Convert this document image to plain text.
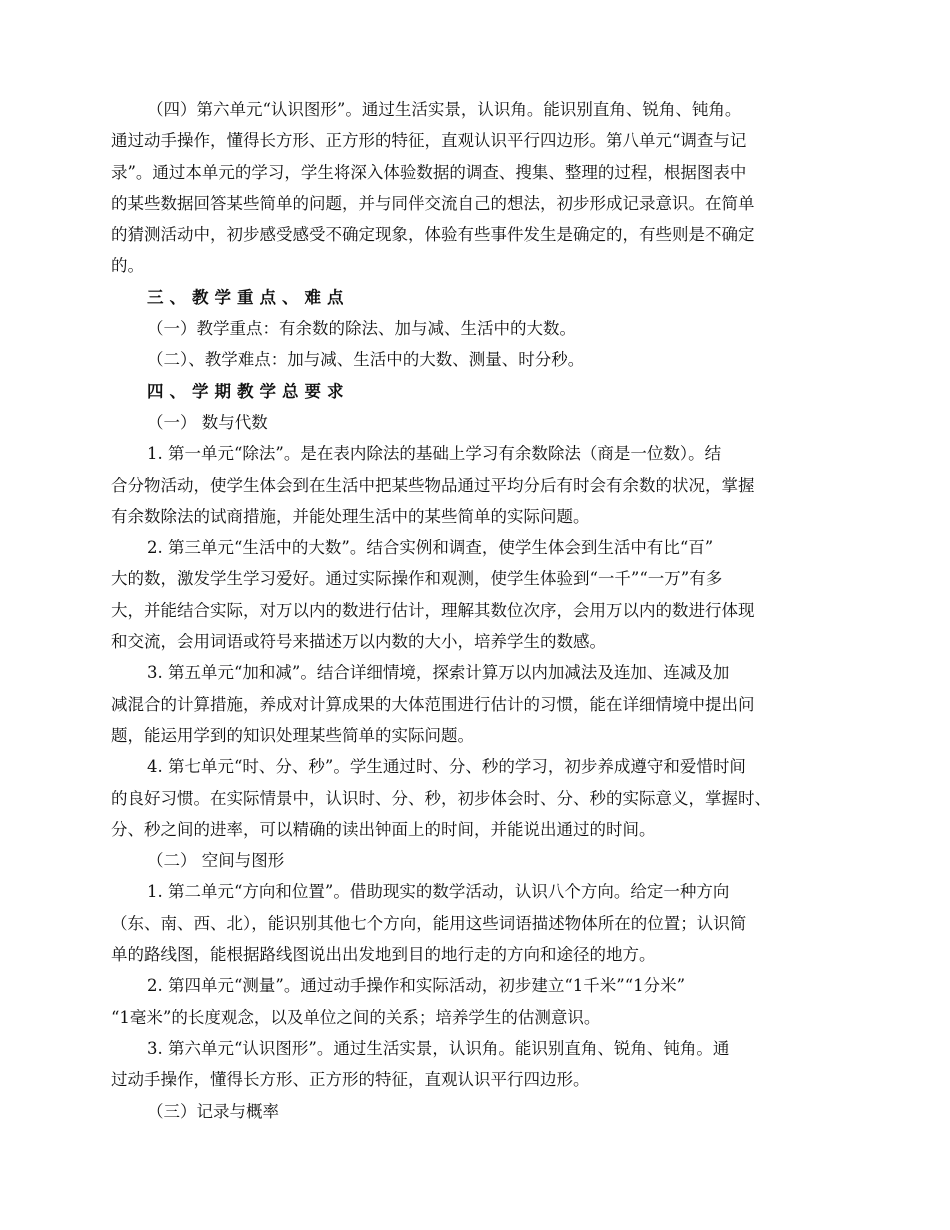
（四）第六单元“认识图形”。通过生活实景，认识角。能识别直角、锐角、钝角。
通过动手操作，懂得长方形、正方形的特征，直观认识平行四边形。第八单元“调查与记
录”。通过本单元的学习，学生将深入体验数据的调查、搜集、整理的过程，根据图表中
的某些数据回答某些简单的问题，并与同伴交流自己的想法，初步形成记录意识。在简单
的猜测活动中，初步感受感受不确定现象，体验有些事件发生是确定的，有些则是不确定
的。
三、教学重点、难点
（一）教学重点：有余数的除法、加与减、生活中的大数。
（二）、教学难点：加与减、生活中的大数、测量、时分秒。
四、学期教学总要求
（一） 数与代数
1. 第一单元“除法”。是在表内除法的基础上学习有余数除法（商是一位数）。结
合分物活动，使学生体会到在生活中把某些物品通过平均分后有时会有余数的状况，掌握
有余数除法的试商措施，并能处理生活中的某些简单的实际问题。
2. 第三单元“生活中的大数”。结合实例和调查，使学生体会到生活中有比“百”
大的数，激发学生学习爱好。通过实际操作和观测，使学生体验到“一千”“一万”有多
大，并能结合实际，对万以内的数进行估计，理解其数位次序，会用万以内的数进行体现
和交流，会用词语或符号来描述万以内数的大小，培养学生的数感。
3. 第五单元“加和减”。结合详细情境，探索计算万以内加减法及连加、连减及加
减混合的计算措施，养成对计算成果的大体范围进行估计的习惯，能在详细情境中提出问
题，能运用学到的知识处理某些简单的实际问题。
4. 第七单元“时、分、秒”。学生通过时、分、秒的学习，初步养成遵守和爱惜时间
的良好习惯。在实际情景中，认识时、分、秒，初步体会时、分、秒的实际意义，掌握时、
分、秒之间的进率，可以精确的读出钟面上的时间，并能说出通过的时间。
（二） 空间与图形
1. 第二单元“方向和位置”。借助现实的数学活动，认识八个方向。给定一种方向
（东、南、西、北），能识别其他七个方向，能用这些词语描述物体所在的位置；认识简
单的路线图，能根据路线图说出出发地到目的地行走的方向和途径的地方。
2. 第四单元“测量”。通过动手操作和实际活动，初步建立“1千米”“1分米”
“1毫米”的长度观念，以及单位之间的关系；培养学生的估测意识。
3. 第六单元“认识图形”。通过生活实景，认识角。能识别直角、锐角、钝角。通
过动手操作，懂得长方形、正方形的特征，直观认识平行四边形。
（三）记录与概率
